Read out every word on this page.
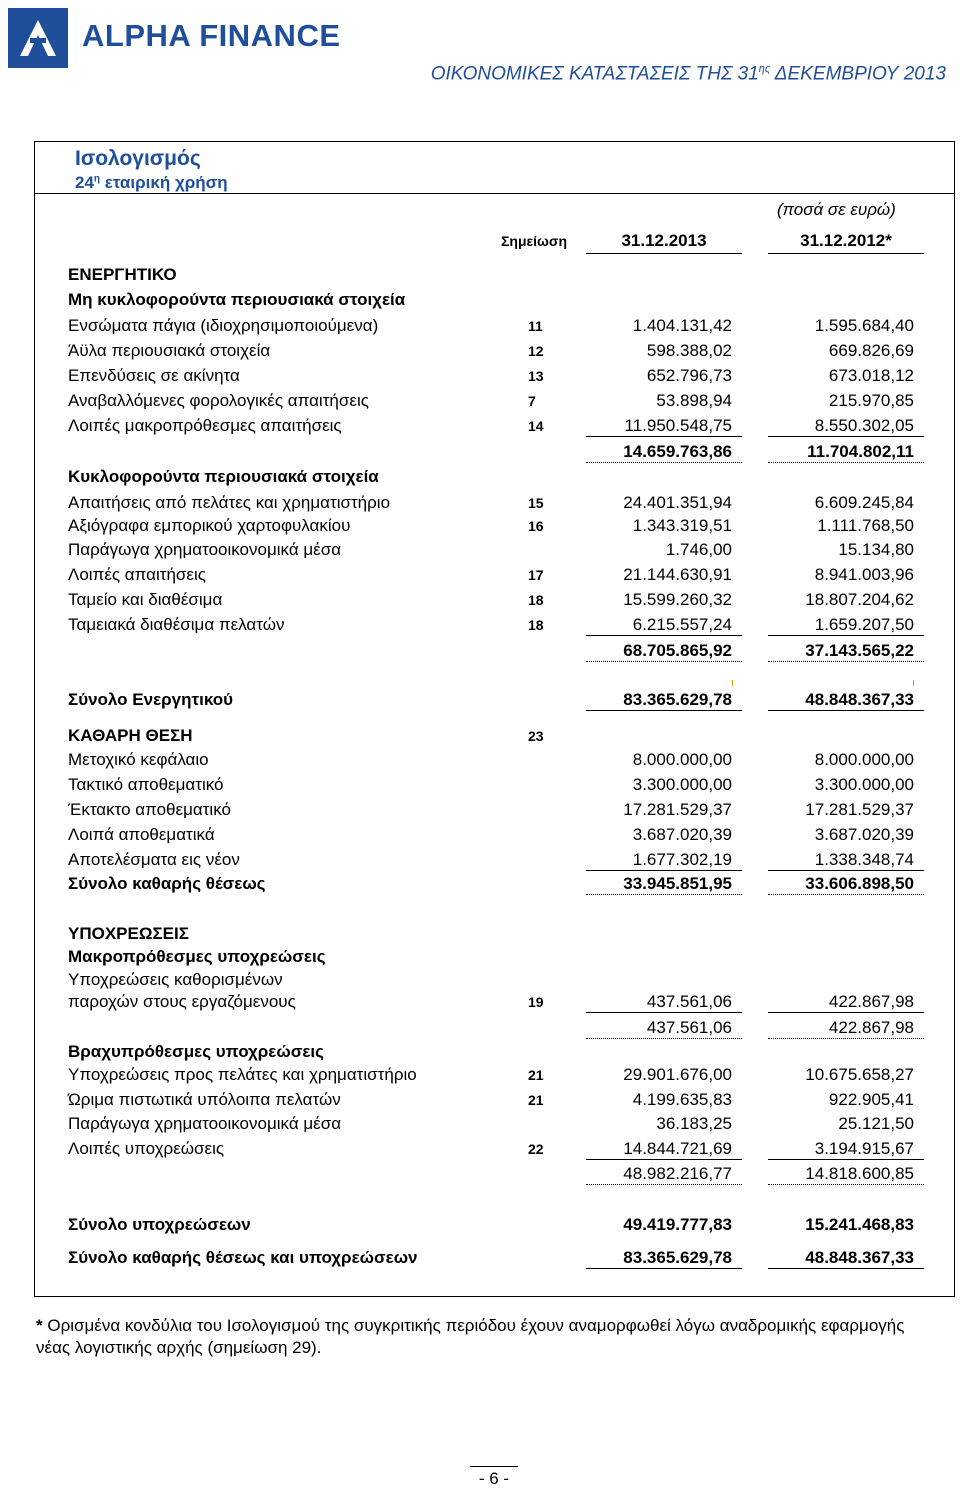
ALPHA FINANCE
ΟΙΚΟΝΟΜΙΚΕΣ ΚΑΤΑΣΤΑΣΕΙΣ ΤΗΣ $31^{\eta\varsigma}$ ΔΕΚΕΜΒΡΙΟΥ 2013
Ισολογισμός
$24^\eta$ εταιρική χρήση
(ποσά σε ευρώ)
Σημείωση	31.12.2013	31.12.2012*
ΕΝΕΡΓΗΤΙΚΟ
Μη κυκλοφορούντα περιουσιακά στοιχεία
Ενσώματα πάγια (ιδιοχρησιμοποιούμενα)	11	1.404.131,42	1.595.684,40
Άϋλα περιουσιακά στοιχεία	12	598.388,02	669.826,69
Επενδύσεις σε ακίνητα	13	652.796,73	673.018,12
Αναβαλλόμενες φορολογικές απαιτήσεις	7	53.898,94	215.970,85
Λοιπές μακροπρόθεσμες απαιτήσεις	14	11.950.548,75	8.550.302,05
14.659.763,86	11.704.802,11
Κυκλοφορούντα περιουσιακά στοιχεία
Απαιτήσεις από πελάτες και χρηματιστήριο	15	24.401.351,94	6.609.245,84
Αξιόγραφα εμπορικού χαρτοφυλακίου	16	1.343.319,51	1.111.768,50
Παράγωγα χρηματοοικονομικά μέσα	1.746,00	15.134,80
Λοιπές απαιτήσεις	17	21.144.630,91	8.941.003,96
Ταμείο και διαθέσιμα	18	15.599.260,32	18.807.204,62
Ταμειακά διαθέσιμα πελατών	18	6.215.557,24	1.659.207,50
68.705.865,92	37.143.565,22
Σύνολο Ενεργητικού	83.365.629,78	48.848.367,33
ΚΑΘΑΡΗ ΘΕΣΗ	23
Μετοχικό κεφάλαιο	8.000.000,00	8.000.000,00
Τακτικό αποθεματικό	3.300.000,00	3.300.000,00
Έκτακτο αποθεματικό	17.281.529,37	17.281.529,37
Λοιπά αποθεματικά	3.687.020,39	3.687.020,39
Αποτελέσματα εις νέον	1.677.302,19	1.338.348,74
Σύνολο καθαρής θέσεως	33.945.851,95	33.606.898,50
ΥΠΟΧΡΕΩΣΕΙΣ
Μακροπρόθεσμες υποχρεώσεις
Υποχρεώσεις καθορισμένων
παροχών στους εργαζόμενους	19	437.561,06	422.867,98
437.561,06	422.867,98
Βραχυπρόθεσμες υποχρεώσεις
Υποχρεώσεις προς πελάτες και χρηματιστήριο	21	29.901.676,00	10.675.658,27
Ώριμα πιστωτικά υπόλοιπα πελατών	21	4.199.635,83	922.905,41
Παράγωγα χρηματοοικονομικά μέσα	36.183,25	25.121,50
Λοιπές υποχρεώσεις	22	14.844.721,69	3.194.915,67
48.982.216,77	14.818.600,85
Σύνολο υποχρεώσεων	49.419.777,83	15.241.468,83
Σύνολο καθαρής θέσεως και υποχρεώσεων	83.365.629,78	48.848.367,33
* Ορισμένα κονδύλια του Ισολογισμού της συγκριτικής περιόδου έχουν αναμορφωθεί λόγω αναδρομικής εφαρμογής νέας λογιστικής αρχής (σημείωση 29).
- 6 -
